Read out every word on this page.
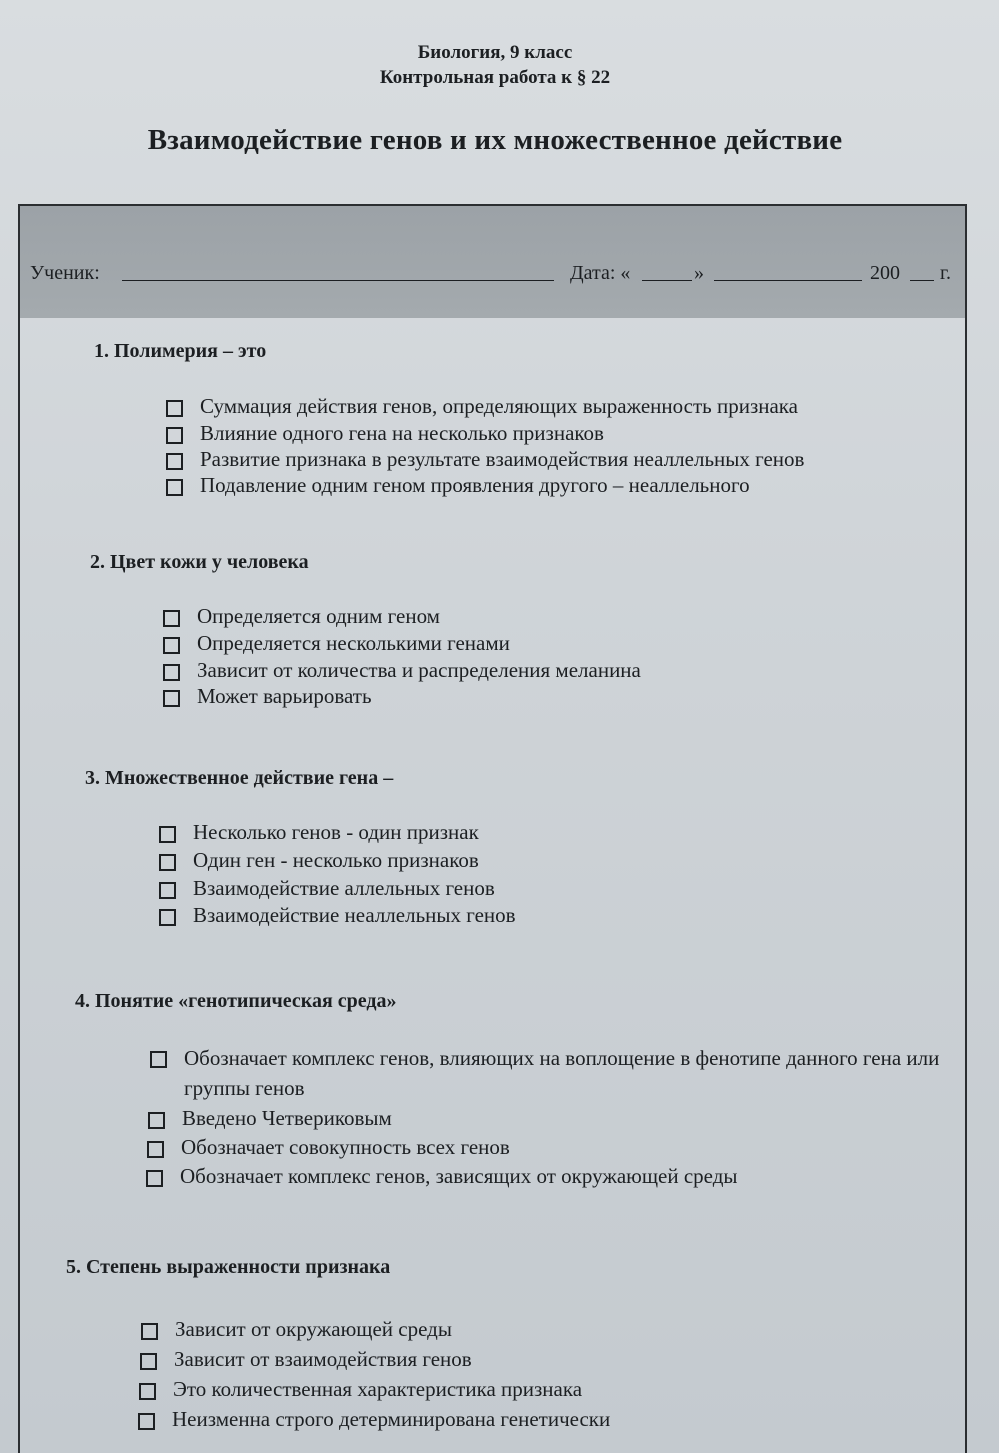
Биология, 9 класс
Контрольная работа к § 22
Взаимодействие генов и их множественное действие
Ученик:	Дата: «	»	200 г.
1. Полимерия – это
Суммация действия генов, определяющих выраженность признака
Влияние одного гена на несколько признаков
Развитие признака в результате взаимодействия неаллельных генов
Подавление одним геном проявления другого – неаллельного
2. Цвет кожи у человека
Определяется одним геном
Определяется несколькими генами
Зависит от количества и распределения меланина
Может варьировать
3. Множественное действие гена –
Несколько генов - один признак
Один ген - несколько признаков
Взаимодействие аллельных генов
Взаимодействие неаллельных генов
4. Понятие «генотипическая среда»
Обозначает комплекс генов, влияющих на воплощение в фенотипе данного гена или группы генов
Введено Четвериковым
Обозначает совокупность всех генов
Обозначает комплекс генов, зависящих от окружающей среды
5. Степень выраженности признака
Зависит от окружающей среды
Зависит от взаимодействия генов
Это количественная характеристика признака
Неизменна строго детерминирована генетически
